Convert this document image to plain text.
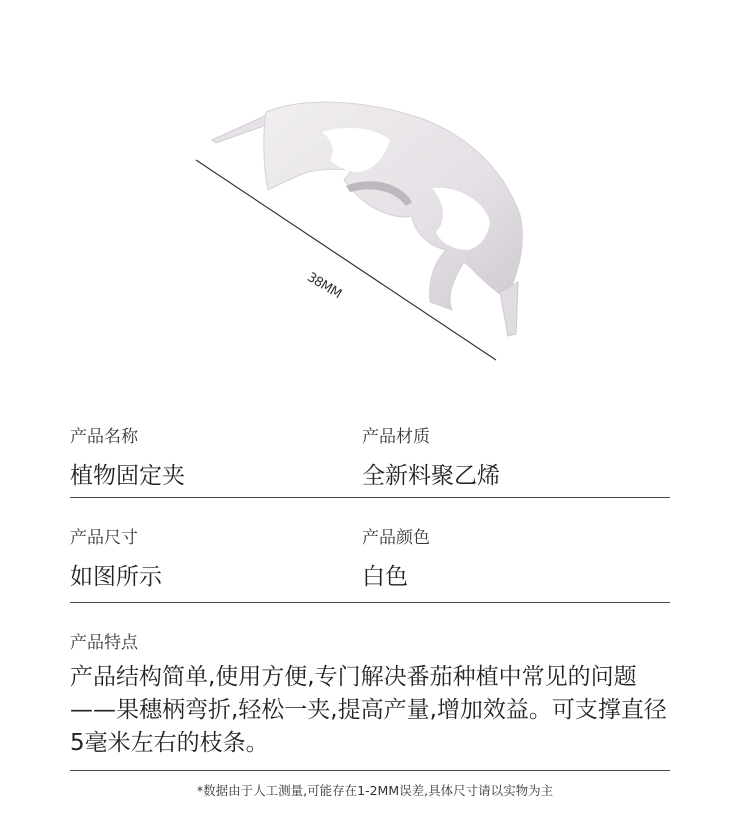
38MM
产品名称
植物固定夹
产品材质
全新料聚乙烯
产品尺寸
如图所示
产品颜色
白色
产品特点
产品结构简单,使用方便,专门解决番茄种植中常见的问题——果穗柄弯折,轻松一夹,提高产量,增加效益。可支撑直径5毫米左右的枝条。
*数据由于人工测量,可能存在1-2MM误差,具体尺寸请以实物为主
